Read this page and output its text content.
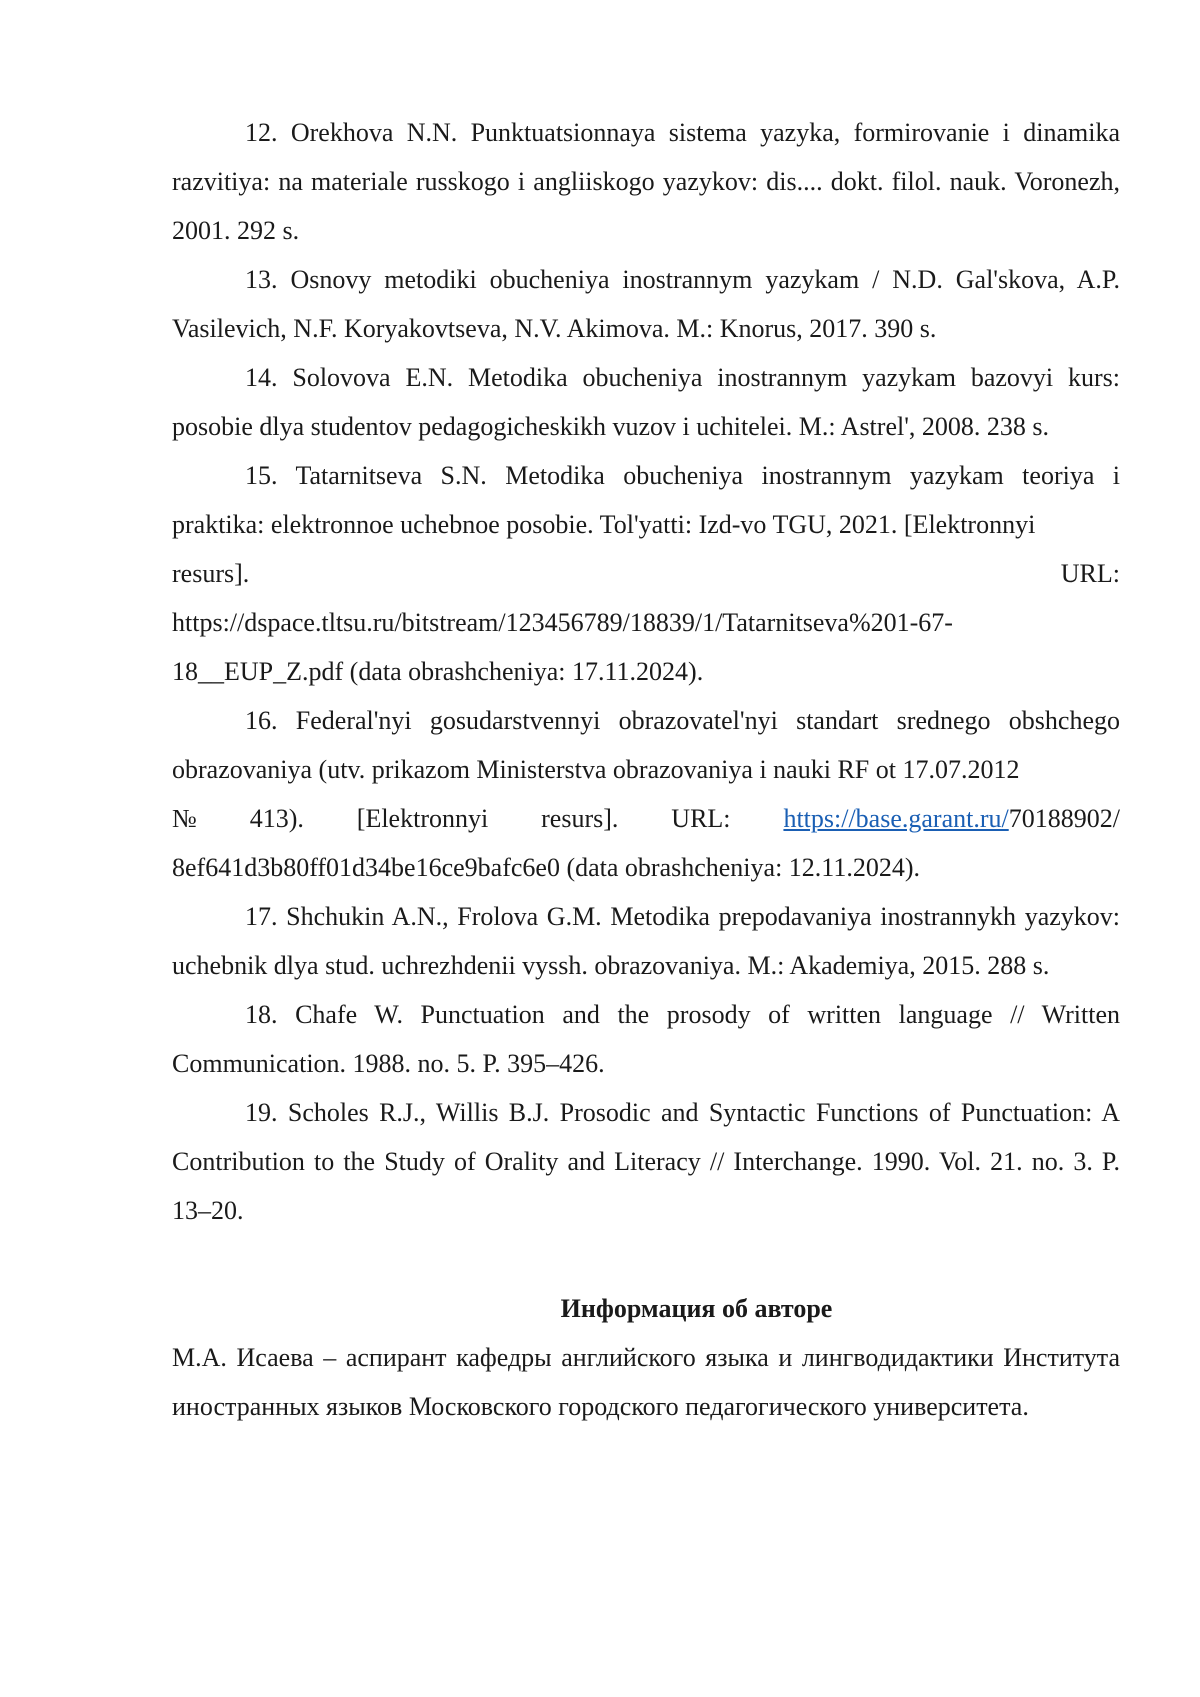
12. Orekhova N.N. Punktuatsionnaya sistema yazyka, formirovanie i dinamika razvitiya: na materiale russkogo i angliiskogo yazykov: dis.... dokt. filol. nauk. Voronezh, 2001. 292 s.

13. Osnovy metodiki obucheniya inostrannym yazykam / N.D. Gal'skova, A.P. Vasilevich, N.F. Koryakovtseva, N.V. Akimova. M.: Knorus, 2017. 390 s.

14. Solovova E.N. Metodika obucheniya inostrannym yazykam bazovyi kurs: posobie dlya studentov pedagogicheskikh vuzov i uchitelei. M.: Astrel', 2008. 238 s.

15. Tatarnitseva S.N. Metodika obucheniya inostrannym yazykam teoriya i praktika: elektronnoe uchebnoe posobie. Tol'yatti: Izd-vo TGU, 2021. [Elektronnyi

resurs].	URL:
https://dspace.tltsu.ru/bitstream/123456789/18839/1/Tatarnitseva%201-67-
18__EUP_Z.pdf (data obrashcheniya: 17.11.2024).

16. Federal'nyi gosudarstvennyi obrazovatel'nyi standart srednego obshchego obrazovaniya (utv. prikazom Ministerstva obrazovaniya i nauki RF ot 17.07.2012

№ 413). [Elektronnyi resurs]. URL: https://base.garant.ru/70188902/
8ef641d3b80ff01d34be16ce9bafc6e0 (data obrashcheniya: 12.11.2024).

17. Shchukin A.N., Frolova G.M. Metodika prepodavaniya inostrannykh yazykov: uchebnik dlya stud. uchrezhdenii vyssh. obrazovaniya. M.: Akademiya, 2015. 288 s.

18. Chafe W. Punctuation and the prosody of written language // Written Communication. 1988. no. 5. P. 395–426.

19. Scholes R.J., Willis B.J. Prosodic and Syntactic Functions of Punctuation: A Contribution to the Study of Orality and Literacy // Interchange. 1990. Vol. 21. no. 3. P. 13–20.

Информация об авторе

М.А. Исаева – аспирант кафедры английского языка и лингводидактики Института иностранных языков Московского городского педагогического университета.
